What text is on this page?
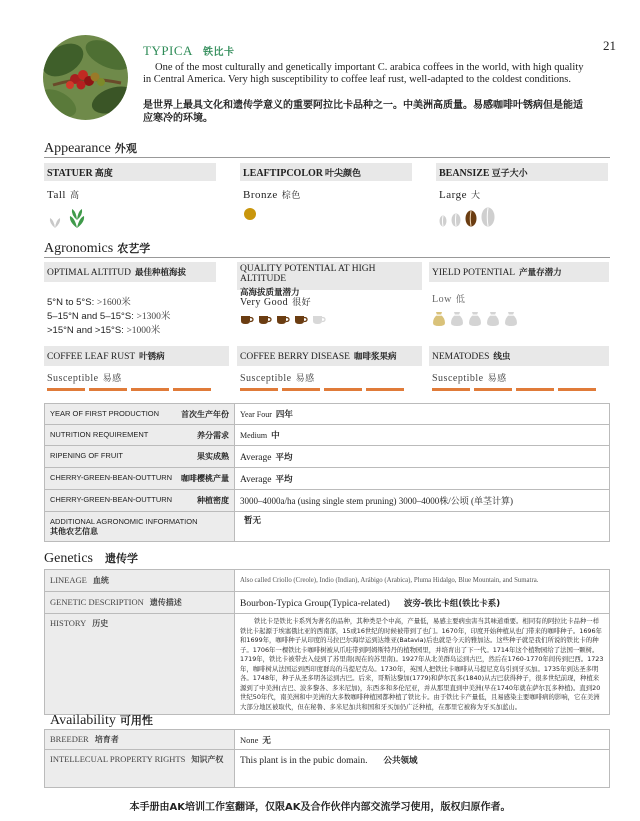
21
TYPICA 铁比卡
One of the most culturally and genetically important C. arabica coffees in the world, with high quality in Central America. Very high susceptibility to coffee leaf rust, well-adapted to the coldest conditions.
是世界上最具文化和遗传学意义的重要阿拉比卡品种之一。中美洲高质量。易感咖啡叶锈病但是能适应寒冷的环境。
Appearance 外观
STATUER 高度
Tall 高
LEAFTIPCOLOR 叶尖颜色
Bronze 棕色
BEANSIZE 豆子大小
Large 大
Agronomics 农艺学
OPTIMAL ALTITUD 最佳种植海拔
5°N to 5°S: >1600米
5–15°N and 5–15°S: >1300米
>15°N and >15°S: >1000米
QUALITY POTENTIAL AT HIGH ALTITUDE
高海拔质量潜力
Very Good 很好
YIELD POTENTIAL 产量存潜力
Low 低
COFFEE LEAF RUST 叶锈病
Susceptible 易感
COFFEE BERRY DISEASE 咖啡浆果病
Susceptible 易感
NEMATODES 线虫
Susceptible 易感
YEAR OF FIRST PRODUCTION 首次生产年份	Year Four 四年
NUTRITION REQUIREMENT 养分需求	Medium 中
RIPENING OF FRUIT 果实成熟	Average 平均
CHERRY-GREEN-BEAN-OUTTURN 咖啡樱桃产量	Average 平均
CHERRY-GREEN-BEAN-OUTTURN 种植密度	3000–4000a/ha (using single stem pruning) 3000–4000株/公顷 (单茎计算)
ADDITIONAL AGRONOMIC INFORMATION
其他农艺信息	暂无
Genetics 遗传学
LINEAGE 血统	Also called Criollo (Creole), Indio (Indian), Arábigo (Arabica), Pluma Hidalgo, Blue Mountain, and Sumatra.
GENETIC DESCRIPTION 遗传描述	Bourbon-Typica Group(Typica-related) 波旁-铁比卡组(铁比卡系)
HISTORY 历史	铁比卡是铁比卡系列为著名的品种，其种类是个中高，产量低，易感主要病虫害当其味道重要。相同有的阿拉比卡品种一样铁比卡起源于埃塞俄比亚的西南部，15或16世纪的时候被带到了也门。1670年，印度开始种植从也门带来的咖啡种子。1696年和1699年，咖啡种子从印度的马拉巴尔海岸运到达维亚(Batavia)后也就是今天的雅加达。这些种子就是我们所说的铁比卡的种子。1706年一棵铁比卡咖啡树被从爪哇带到阿姆斯特丹的植物园里，并培育出了下一代。1714年这个植物园给了法国一颗树。1719年，铁比卡被带去入侵到了苏里南(现在的苏里南)。1927年从北美群岛运到古巴，然后在1760-1770年间传到巴西。1723年，咖啡树从法国运到西印度群岛的马提尼克岛。1730年，英国人把铁比卡咖啡从马提尼克岛引到牙买加。1735年到达圣多明各。1748年，种子从圣多明各运到古巴。后来，哥斯达黎加(1779)和萨尔瓦多(1840)从古巴获得种子，很多世纪前现，种植来源到了中美洲(古巴、波多黎各、多米尼加)，东西多和多伦尼亚，并从那里直到中美洲(早在1740年就在萨尔瓦多种植)。直到20世纪50年代，南美洲和中美洲的大多数咖啡种植园都种植了铁比卡。由于铁比卡产量低，且易感染主要咖啡病的影响，它在美洲大部分地区被取代，但在秘鲁、多米尼加共和国和牙买加仍广泛种植，在那里它被称为牙买加蓝山。
Availability 可用性
BREEDER 培育者	None 无
INTELLECUAL PROPERTY RIGHTS 知识产权	This plant is in the pubic domain. 公共领域
本手册由AK培训工作室翻译，仅限AK及合作伙伴内部交流学习使用，版权归原作者。
